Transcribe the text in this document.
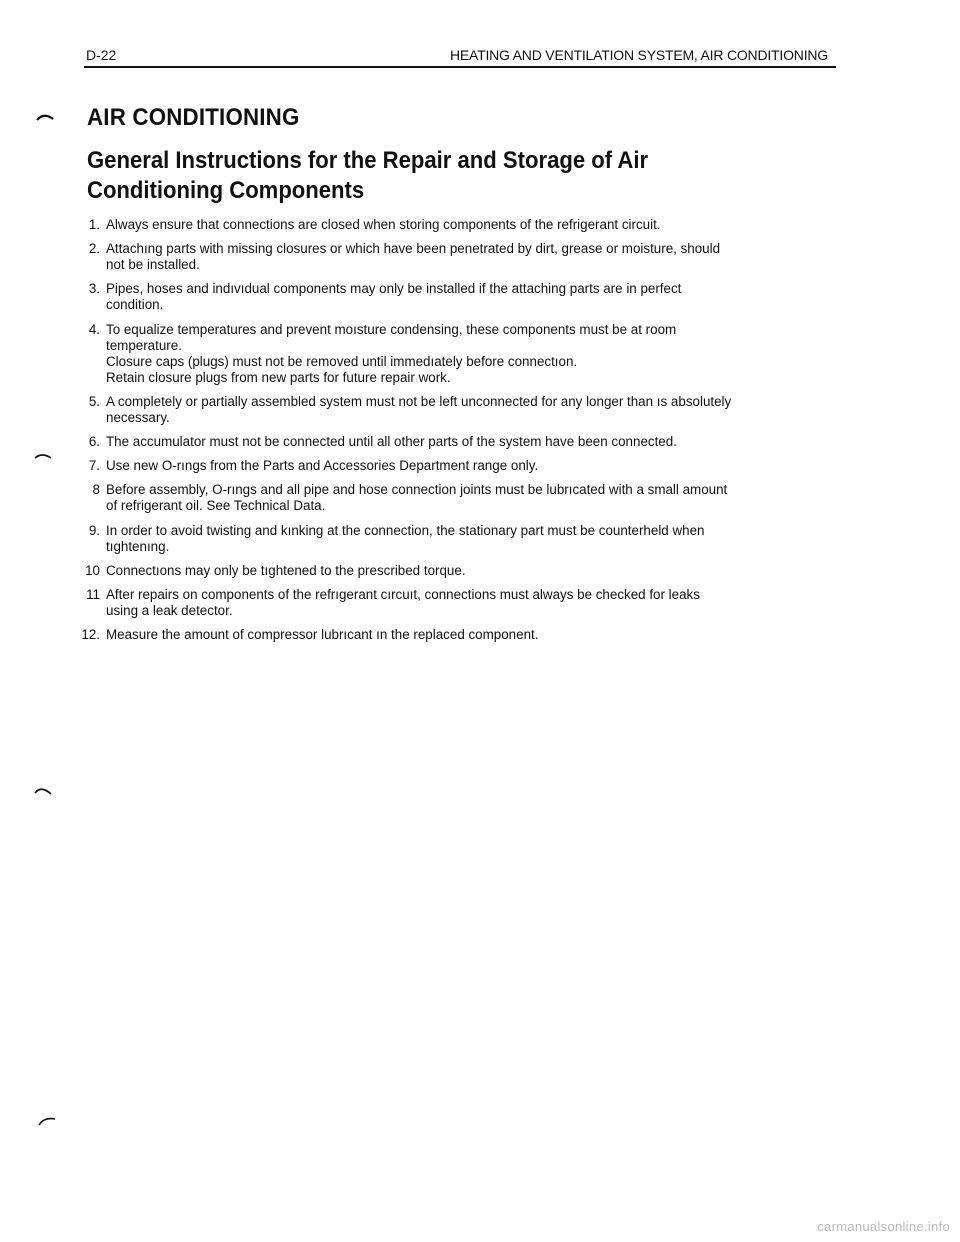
D-22	HEATING AND VENTILATION SYSTEM, AIR CONDITIONING
AIR CONDITIONING
General Instructions for the Repair and Storage of Air
Conditioning Components
1. Always ensure that connections are closed when storing components of the refrigerant circuit.
2. Attachıng parts with missing closures or which have been penetrated by dirt, grease or moisture, should
not be installed.
3. Pipes, hoses and indıvıdual components may only be installed if the attaching parts are in perfect
condition.
4. To equalize temperatures and prevent moısture condensing, these components must be at room
temperature.
Closure caps (plugs) must not be removed until immedıately before connectıon.
Retain closure plugs from new parts for future repair work.
5. A completely or partially assembled system must not be left unconnected for any longer than ıs absolutely
necessary.
6. The accumulator must not be connected until all other parts of the system have been connected.
7. Use new O-rıngs from the Parts and Accessories Department range only.
8 Before assembly, O-rıngs and all pipe and hose connection joints must be lubrıcated with a small amount
of refrigerant oil. See Technical Data.
9. In order to avoid twisting and kınking at the connection, the stationary part must be counterheld when
tıghtenıng.
10 Connectıons may only be tıghtened to the prescribed torque.
11 After repairs on components of the refrıgerant cırcuıt, connections must always be checked for leaks
using a leak detector.
12. Measure the amount of compressor lubrıcant ın the replaced component.
carmanualsonline.info
